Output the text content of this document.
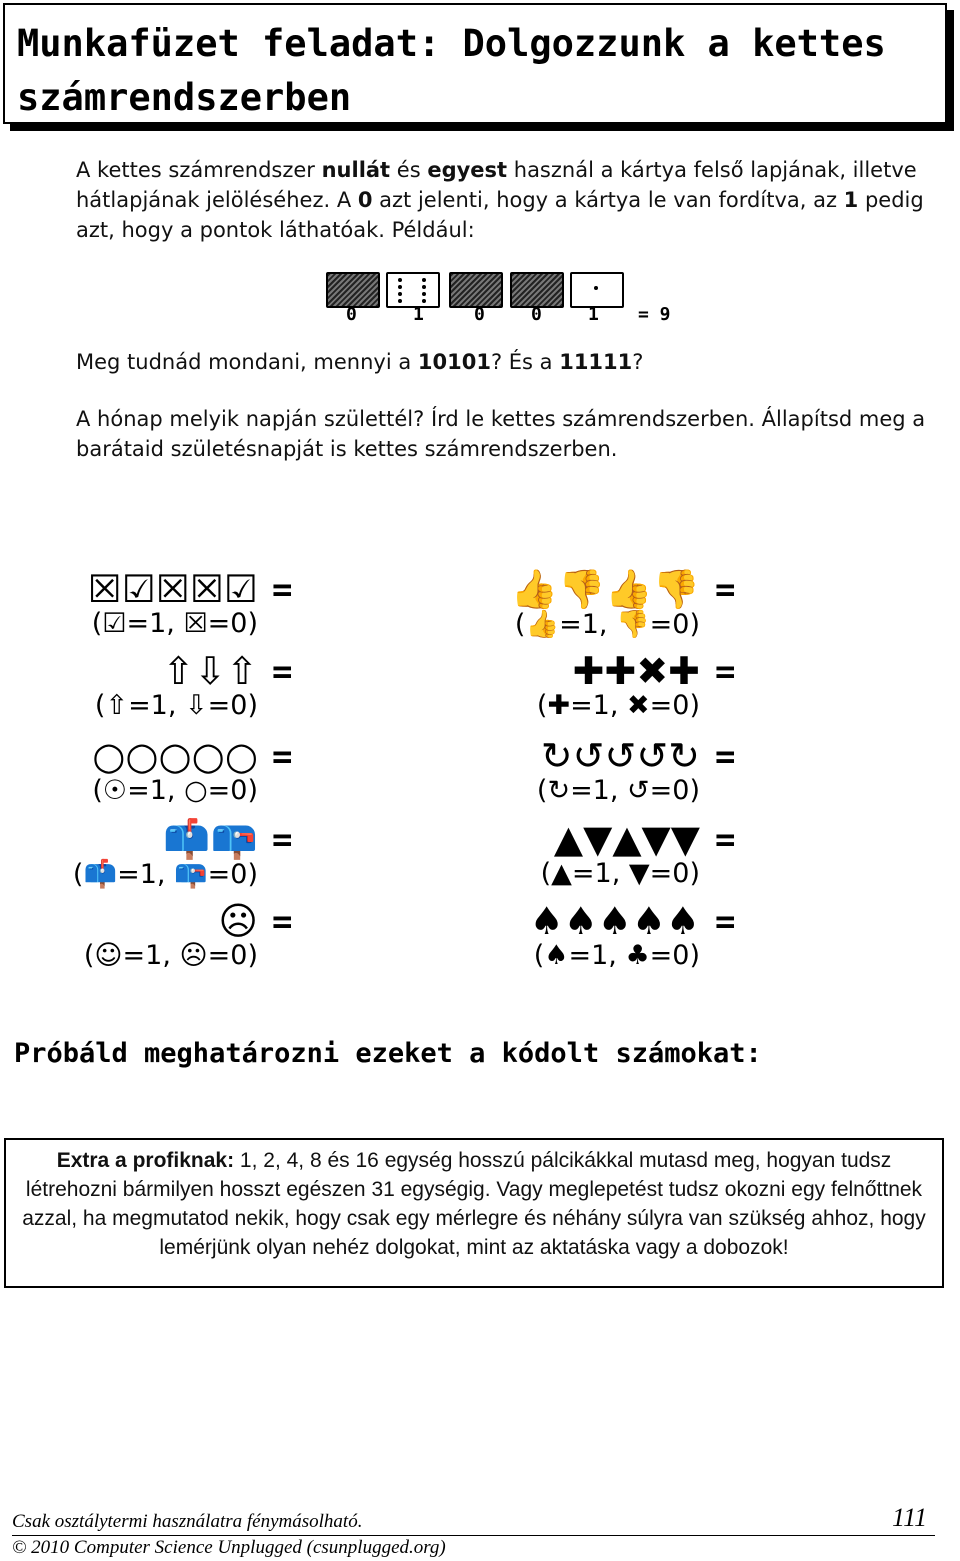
Munkafüzet feladat: Dolgozzunk a kettes számrendszerben

A kettes számrendszer nullát és egyest használ a kártya felső lapjának, illetve hátlapjának jelöléséhez. A 0 azt jelenti, hogy a kártya le van fordítva, az 1 pedig azt, hogy a pontok láthatóak. Például:

0	1	0	0	1 = 9
Meg tudnád mondani, mennyi a 10101? És a 11111?
A hónap melyik napján születtél? Írd le kettes számrendszerben. Állapítsd meg a barátaid születésnapját is kettes számrendszerben.
☒☑☒☒☑ =
(☑=1, ☒=0)
👍👎👍👎 =
(👍=1, 👎=0)
⇧⇩⇧ =
(⇧=1, ⇩=0)
✚✚✖✚ =
(✚=1, ✖=0)
○○○○○ =
(☉=1, ○=0)
↻↺↺↺↻ =
(↻=1, ↺=0)
📫📪 =
(📫=1, 📪=0)
▲▼▲▼▼ =
(▲=1, ▼=0)
☹ =
(☺=1, ☹=0)
♠♠♠♠♠ =
(♠=1, ♣=0)
Próbáld meghatározni ezeket a kódolt számokat:
Extra a profiknak: 1, 2, 4, 8 és 16 egység hosszú pálcikákkal mutasd meg, hogyan tudsz létrehozni bármilyen hosszt egészen 31 egységig. Vagy meglepetést tudsz okozni egy felnőttnek azzal, ha megmutatod nekik, hogy csak egy mérlegre és néhány súlyra van szükség ahhoz, hogy lemérjünk olyan nehéz dolgokat, mint az aktatáska vagy a dobozok!
Csak osztálytermi használatra fénymásolható.
© 2010 Computer Science Unplugged (csunplugged.org)
111
